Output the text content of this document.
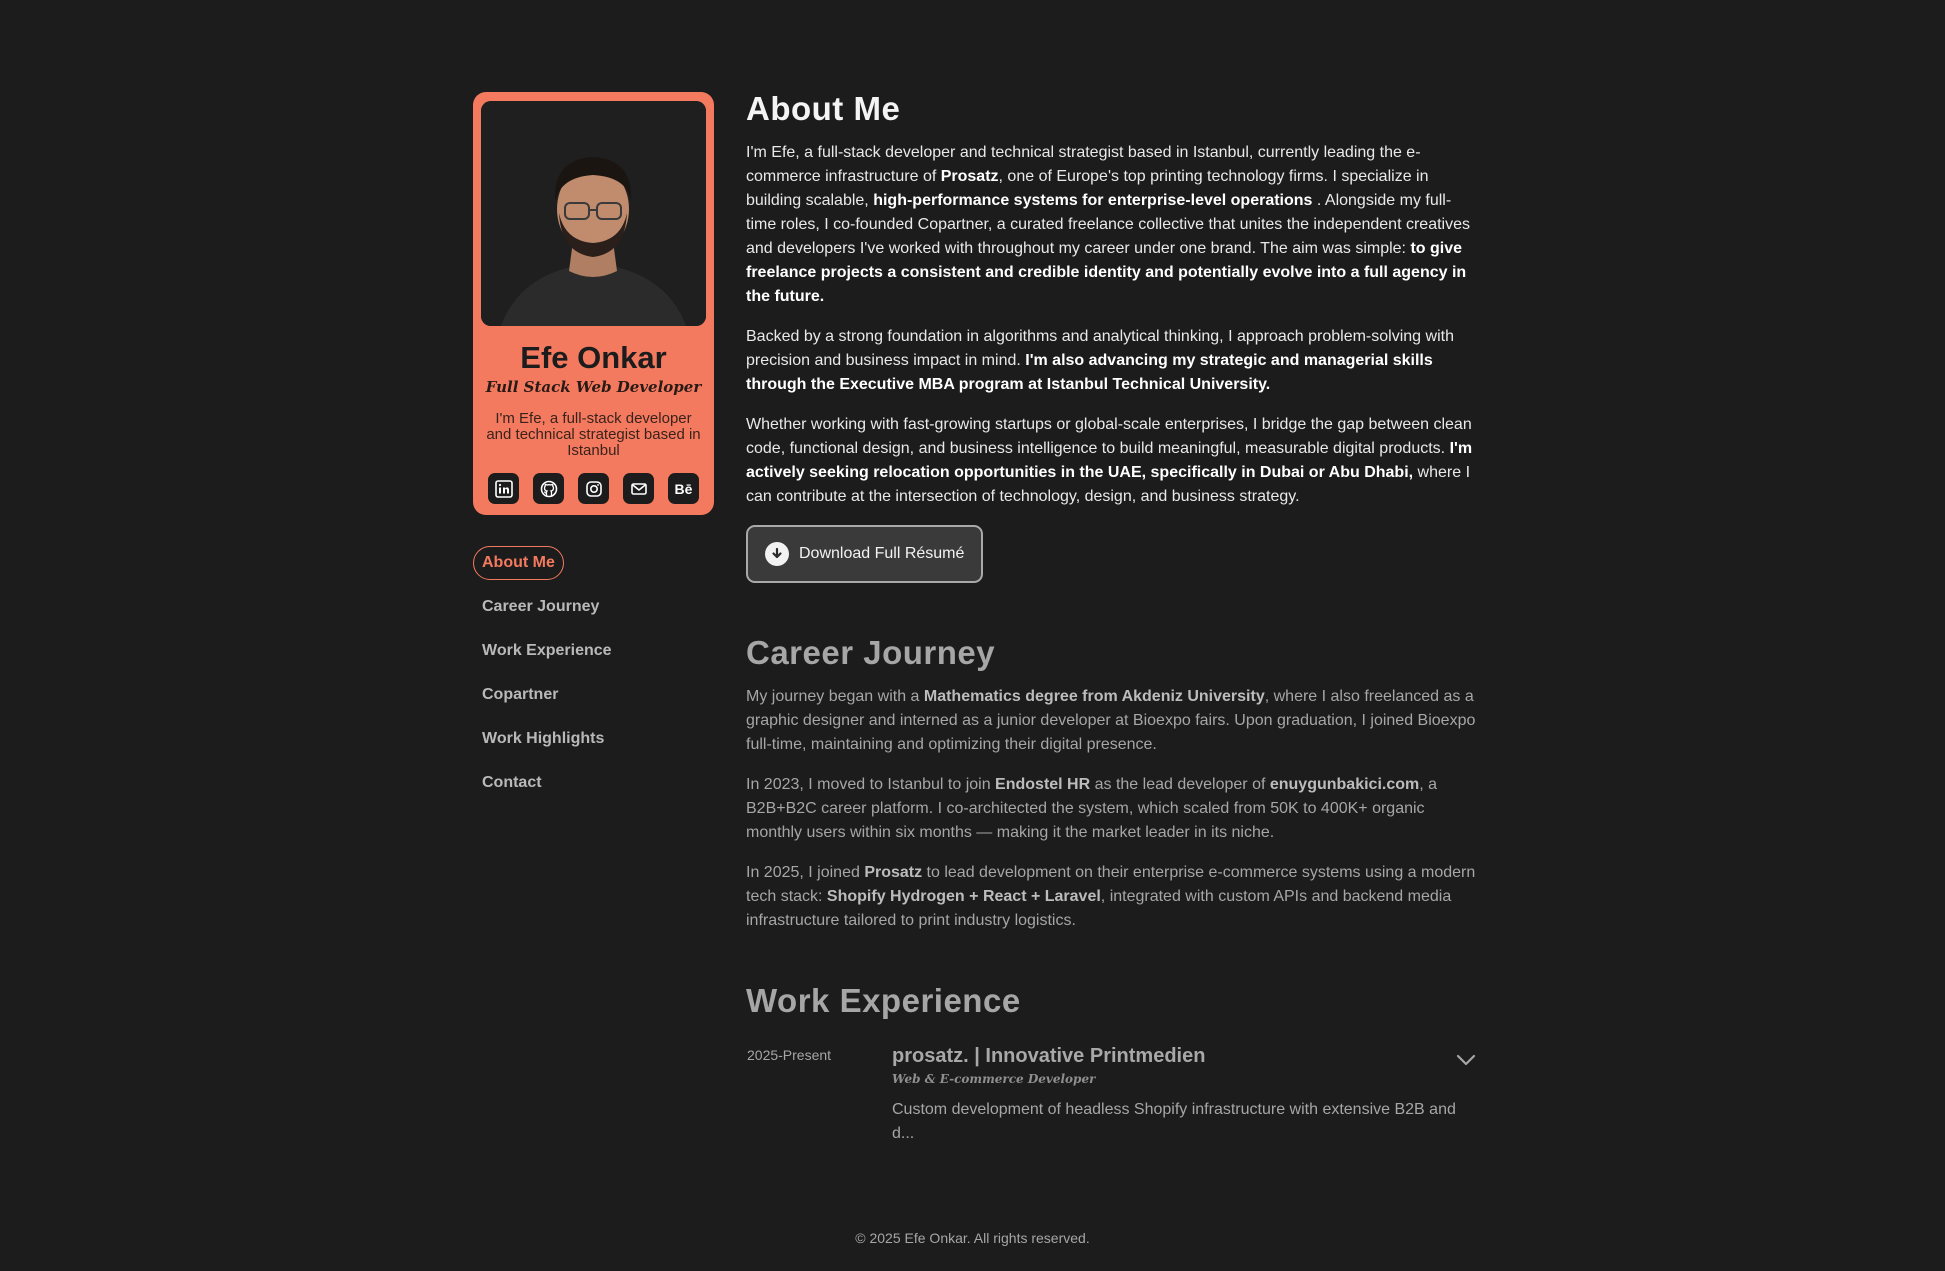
Efe Onkar
Full Stack Web Developer
I'm Efe, a full-stack developer and technical strategist based in Istanbul
Bē
About Me
Career Journey
Work Experience
Copartner
Work Highlights
Contact
About Me

I'm Efe, a full-stack developer and technical strategist based in Istanbul, currently leading the e-commerce infrastructure of Prosatz, one of Europe's top printing technology firms. I specialize in building scalable, high-performance systems for enterprise-level operations . Alongside my full-time roles, I co-founded Copartner, a curated freelance collective that unites the independent creatives and developers I've worked with throughout my career under one brand. The aim was simple: to give freelance projects a consistent and credible identity and potentially evolve into a full agency in the future.

Backed by a strong foundation in algorithms and analytical thinking, I approach problem-solving with precision and business impact in mind. I'm also advancing my strategic and managerial skills through the Executive MBA program at Istanbul Technical University.

Whether working with fast-growing startups or global-scale enterprises, I bridge the gap between clean code, functional design, and business intelligence to build meaningful, measurable digital products. I'm actively seeking relocation opportunities in the UAE, specifically in Dubai or Abu Dhabi, where I can contribute at the intersection of technology, design, and business strategy.

Download Full Résumé
Career Journey

My journey began with a Mathematics degree from Akdeniz University, where I also freelanced as a graphic designer and interned as a junior developer at Bioexpo fairs. Upon graduation, I joined Bioexpo full-time, maintaining and optimizing their digital presence.

In 2023, I moved to Istanbul to join Endostel HR as the lead developer of enuygunbakici.com, a B2B+B2C career platform. I co-architected the system, which scaled from 50K to 400K+ organic monthly users within six months — making it the market leader in its niche.

In 2025, I joined Prosatz to lead development on their enterprise e-commerce systems using a modern tech stack: Shopify Hydrogen + React + Laravel, integrated with custom APIs and backend media infrastructure tailored to print industry logistics.

Work Experience
2025-Present	prosatz. | Innovative Printmedien
Web & E-commerce Developer
Custom development of headless Shopify infrastructure with extensive B2B and d...
© 2025 Efe Onkar. All rights reserved.
